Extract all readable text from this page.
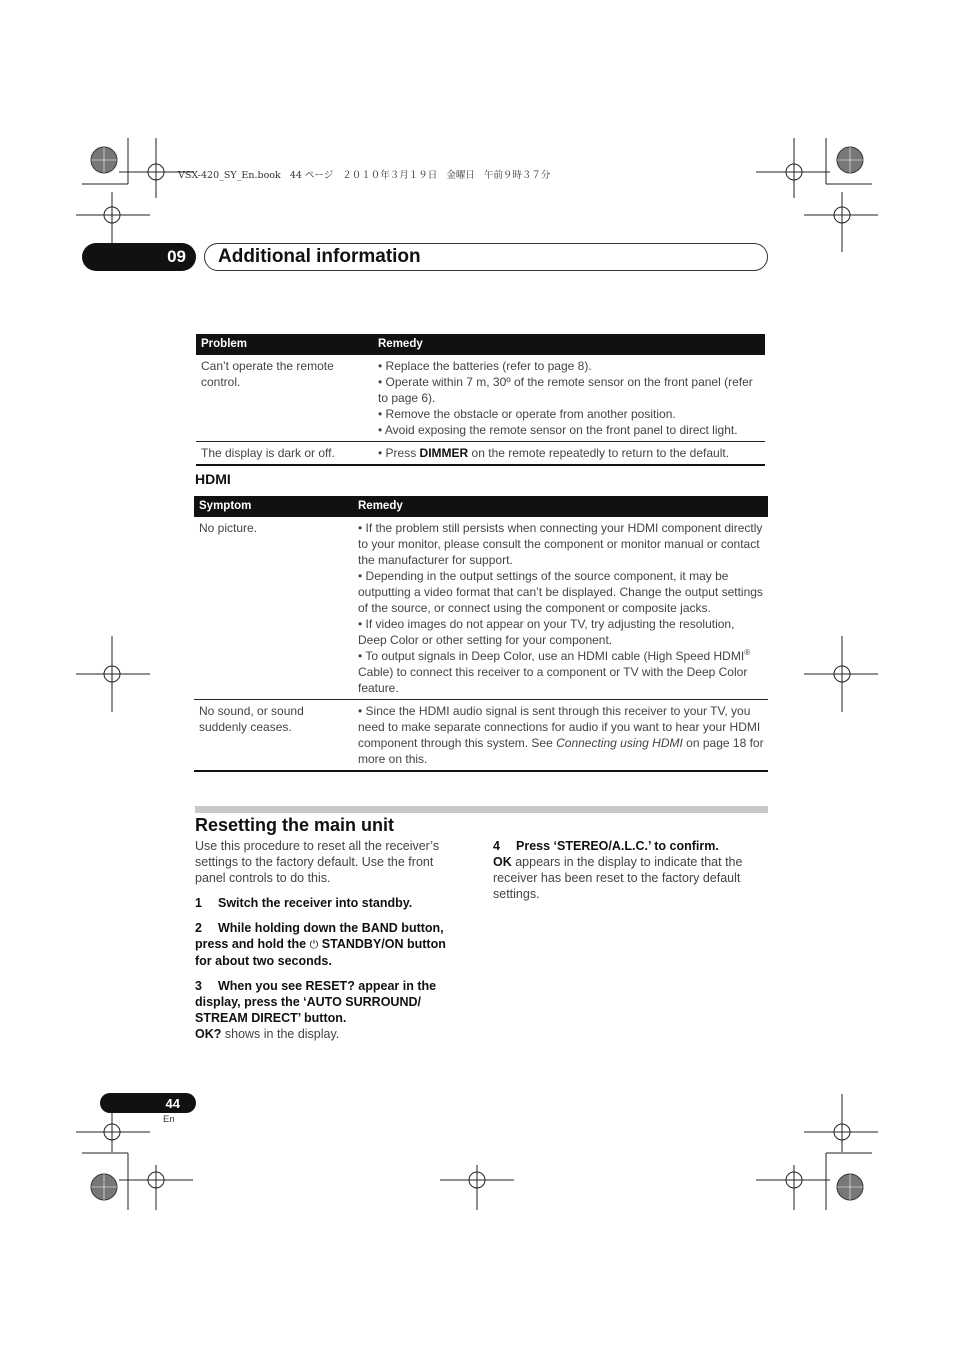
VSX-420_SY_En.book   44 ページ   ２０１０年３月１９日   金曜日   午前９時３７分
09	Additional information
Problem	Remedy
Can’t operate the remote control.	• Replace the batteries (refer to page 8).
• Operate within 7 m, 30º of the remote sensor on the front panel (refer to page 6).
• Remove the obstacle or operate from another position.
• Avoid exposing the remote sensor on the front panel to direct light.

The display is dark or off.	• Press DIMMER on the remote repeatedly to return to the default.
HDMI
Symptom	Remedy
No picture.	• If the problem still persists when connecting your HDMI component directly to your monitor, please consult the component or monitor manual or contact the manufacturer for support.
• Depending in the output settings of the source component, it may be outputting a video format that can’t be displayed. Change the output settings of the source, or connect using the component or composite jacks.
• If video images do not appear on your TV, try adjusting the resolution, Deep Color or other setting for your component.
• To output signals in Deep Color, use an HDMI cable (High Speed HDMI® Cable) to connect this receiver to a component or TV with the Deep Color feature.

No sound, or sound suddenly ceases.	• Since the HDMI audio signal is sent through this receiver to your TV, you need to make separate connections for audio if you want to hear your HDMI component through this system. See Connecting using HDMI on page 18 for more on this.
Resetting the main unit

Use this procedure to reset all the receiver’s settings to the factory default. Use the front panel controls to do this.

1 Switch the receiver into standby.

2 While holding down the BAND button, press and hold the ⏻ STANDBY/ON button for about two seconds.

3 When you see RESET? appear in the display, press the ‘AUTO SURROUND/ STREAM DIRECT’ button.

OK? shows in the display.

4 Press ‘STEREO/A.L.C.’ to confirm.

OK appears in the display to indicate that the receiver has been reset to the factory default settings.

44
En
